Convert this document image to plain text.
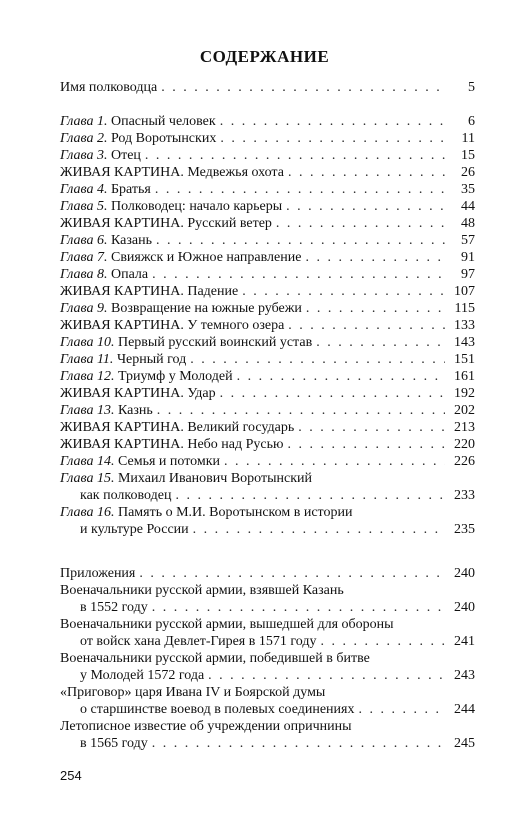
СОДЕРЖАНИЕ
Имя полководца . . .	5
Глава 1. Опасный человек . . .	6
Глава 2. Род Воротынских . . .	11
Глава 3. Отец . . .	15
ЖИВАЯ КАРТИНА. Медвежья охота . . .	26
Глава 4. Братья . . .	35
Глава 5. Полководец: начало карьеры . . .	44
ЖИВАЯ КАРТИНА. Русский ветер . . .	48
Глава 6. Казань . . .	57
Глава 7. Свияжск и Южное направление . . .	91
Глава 8. Опала . . .	97
ЖИВАЯ КАРТИНА. Падение . . .	107
Глава 9. Возвращение на южные рубежи . . .	115
ЖИВАЯ КАРТИНА. У темного озера . . .	133
Глава 10. Первый русский воинский устав . . .	143
Глава 11. Черный год . . .	151
Глава 12. Триумф у Молодей . . .	161
ЖИВАЯ КАРТИНА. Удар . . .	192
Глава 13. Казнь . . .	202
ЖИВАЯ КАРТИНА. Великий государь . . .	213
ЖИВАЯ КАРТИНА. Небо над Русью . . .	220
Глава 14. Семья и потомки . . .	226
Глава 15. Михаил Иванович Воротынский
как полководец . . .	233
Глава 16. Память о М.И. Воротынском в истории
и культуре России . . .	235
Приложения . . .	240
Военачальники русской армии, взявшей Казань
в 1552 году . . .	240
Военачальники русской армии, вышедшей для обороны
от войск хана Девлет-Гирея в 1571 году . . .	241
Военачальники русской армии, победившей в битве
у Молодей 1572 года . . .	243
«Приговор» царя Ивана IV и Боярской думы
о старшинстве воевод в полевых соединениях . . .	244
Летописное известие об учреждении опричнины
в 1565 году . . .	245
254
